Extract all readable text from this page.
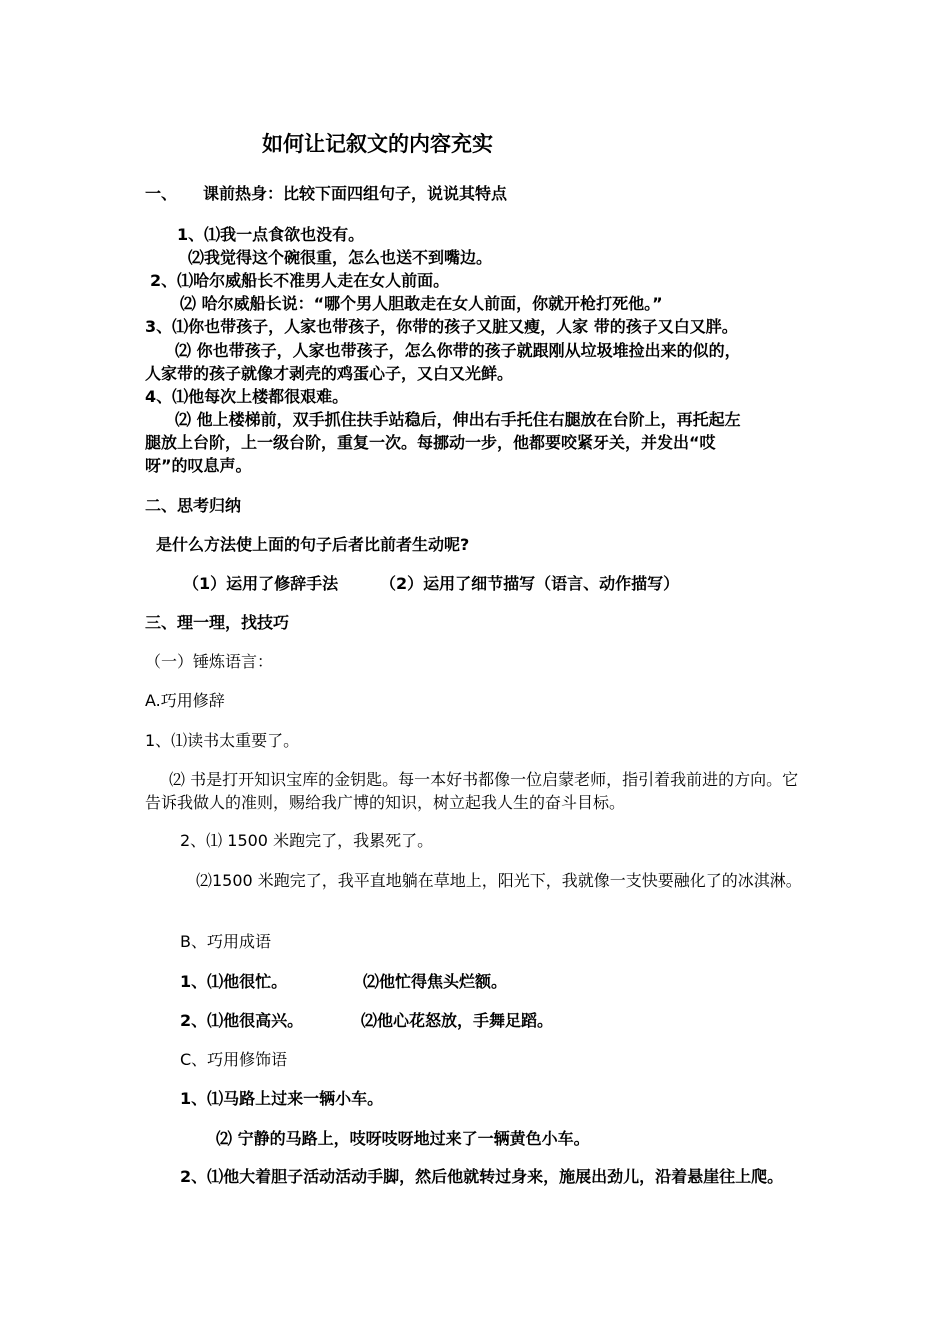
如何让记叙文的内容充实
一、 课前热身：比较下面四组句子，说说其特点
1、⑴我一点食欲也没有。
⑵我觉得这个碗很重，怎么也送不到嘴边。
2、⑴哈尔威船长不准男人走在女人前面。
⑵ 哈尔威船长说：“哪个男人胆敢走在女人前面，你就开枪打死他。”
3、⑴你也带孩子，人家也带孩子，你带的孩子又脏又瘦，人家 带的孩子又白又胖。
⑵ 你也带孩子，人家也带孩子，怎么你带的孩子就跟刚从垃圾堆捡出来的似的，
人家带的孩子就像才剥壳的鸡蛋心子，又白又光鲜。
4、⑴他每次上楼都很艰难。
⑵ 他上楼梯前，双手抓住扶手站稳后，伸出右手托住右腿放在台阶上，再托起左
腿放上台阶，上一级台阶，重复一次。每挪动一步，他都要咬紧牙关，并发出“哎
呀”的叹息声。
二、思考归纳
是什么方法使上面的句子后者比前者生动呢?
（1）运用了修辞手法	（2）运用了细节描写（语言、动作描写）
三、理一理，找技巧
（一）锤炼语言：
A.巧用修辞
1、⑴读书太重要了。
⑵ 书是打开知识宝库的金钥匙。每一本好书都像一位启蒙老师，指引着我前进的方向。它告诉我做人的准则，赐给我广博的知识，树立起我人生的奋斗目标。
2、⑴ 1500 米跑完了，我累死了。
⑵1500 米跑完了，我平直地躺在草地上，阳光下，我就像一支快要融化了的冰淇淋。
B、巧用成语
1、⑴他很忙。	⑵他忙得焦头烂额。
2、⑴他很高兴。	⑵他心花怒放，手舞足蹈。
C、巧用修饰语
1、⑴马路上过来一辆小车。
⑵ 宁静的马路上，吱呀吱呀地过来了一辆黄色小车。
2、⑴他大着胆子活动活动手脚，然后他就转过身来，施展出劲儿，沿着悬崖往上爬。
